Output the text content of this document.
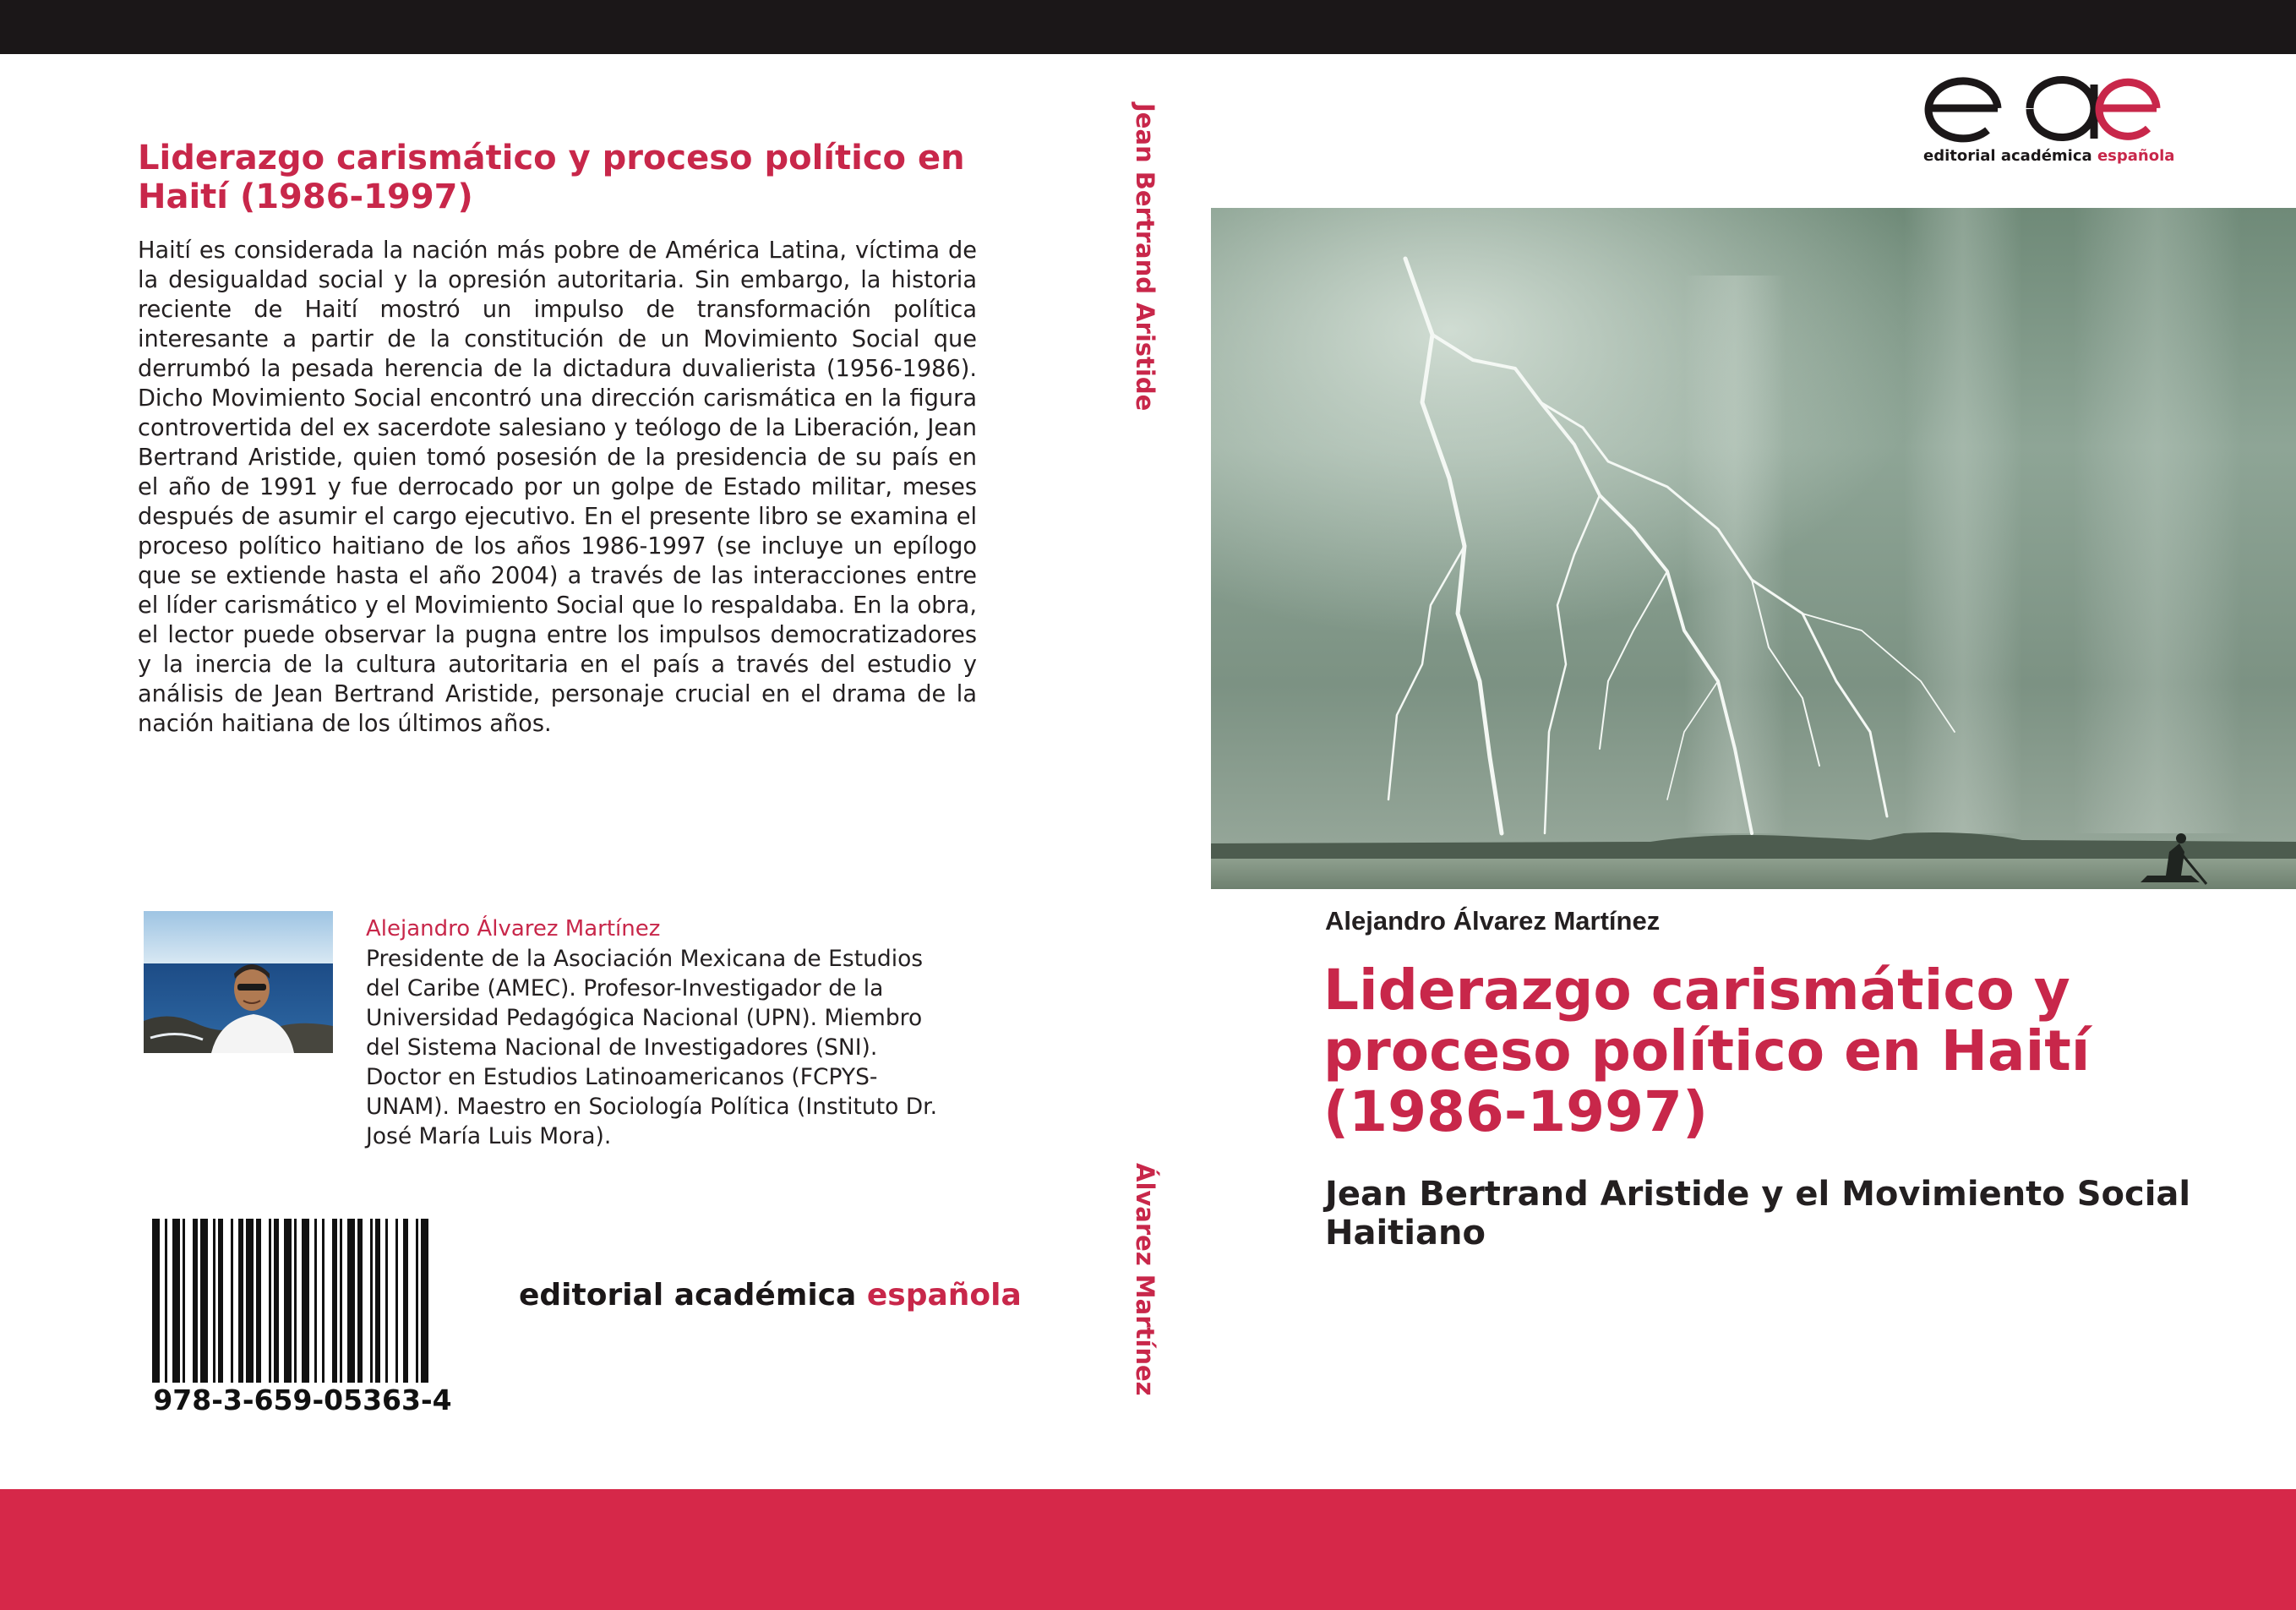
Liderazgo carismático y proceso político en Haití (1986-1997)

Haití es considerada la nación más pobre de América Latina, víctima de la desigualdad social y la opresión autoritaria. Sin embargo, la historia reciente de Haití mostró un impulso de transformación política interesante a partir de la constitución de un Movimiento Social que derrumbó la pesada herencia de la dictadura duvalierista (1956-1986). Dicho Movimiento Social encontró una dirección carismática en la figura controvertida del ex sacerdote salesiano y teólogo de la Liberación, Jean Bertrand Aristide, quien tomó posesión de la presidencia de su país en el año de 1991 y fue derrocado por un golpe de Estado militar, meses después de asumir el cargo ejecutivo. En el presente libro se examina el proceso político haitiano de los años 1986-1997 (se incluye un epílogo que se extiende hasta el año 2004) a través de las interacciones entre el líder carismático y el Movimiento Social que lo respaldaba. En la obra, el lector puede observar la pugna entre los impulsos democratizadores y la inercia de la cultura autoritaria en el país a través del estudio y análisis de Jean Bertrand Aristide, personaje crucial en el drama de la nación haitiana de los últimos años.

Alejandro Álvarez Martínez

Presidente de la Asociación Mexicana de Estudios del Caribe (AMEC). Profesor-Investigador de la Universidad Pedagógica Nacional (UPN). Miembro del Sistema Nacional de Investigadores (SNI). Doctor en Estudios Latinoamericanos (FCPYS-UNAM). Maestro en Sociología Política (Instituto Dr. José María Luis Mora).

978-3-659-05363-4
editorial académica española
Jean Bertrand Aristide
Álvarez Martínez
editorial académica española
Alejandro Álvarez Martínez
Liderazgo carismático y proceso político en Haití (1986-1997)
Jean Bertrand Aristide y el Movimiento Social Haitiano
